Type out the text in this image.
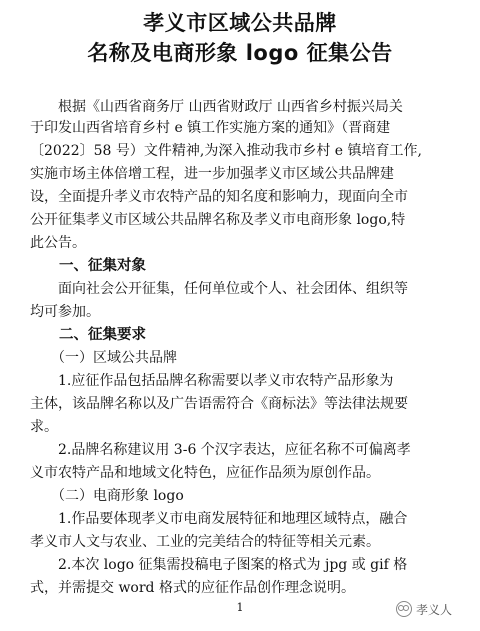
孝义市区域公共品牌
名称及电商形象 logo 征集公告
　　根据《山西省商务厅 山西省财政厅 山西省乡村振兴局关
于印发山西省培育乡村 e 镇工作实施方案的通知》（晋商建
〔2022〕58 号）文件精神,为深入推动我市乡村 e 镇培育工作,
实施市场主体倍增工程，进一步加强孝义市区域公共品牌建
设，全面提升孝义市农特产品的知名度和影响力，现面向全市
公开征集孝义市区域公共品牌名称及孝义市电商形象 logo,特
此公告。
　　一、征集对象
　　面向社会公开征集，任何单位或个人、社会团体、组织等
均可参加。
　　二、征集要求
　　（一）区域公共品牌
　　1.应征作品包括品牌名称需要以孝义市农特产品形象为
主体，该品牌名称以及广告语需符合《商标法》等法律法规要
求。
　　2.品牌名称建议用 3-6 个汉字表达，应征名称不可偏离孝
义市农特产品和地域文化特色，应征作品须为原创作品。
　　（二）电商形象 logo
　　1.作品要体现孝义市电商发展特征和地理区域特点，融合
孝义市人文与农业、工业的完美结合的特征等相关元素。
　　2.本次 logo 征集需投稿电子图案的格式为 jpg 或 gif 格
式，并需提交 word 格式的应征作品创作理念说明。
1	孝义人
